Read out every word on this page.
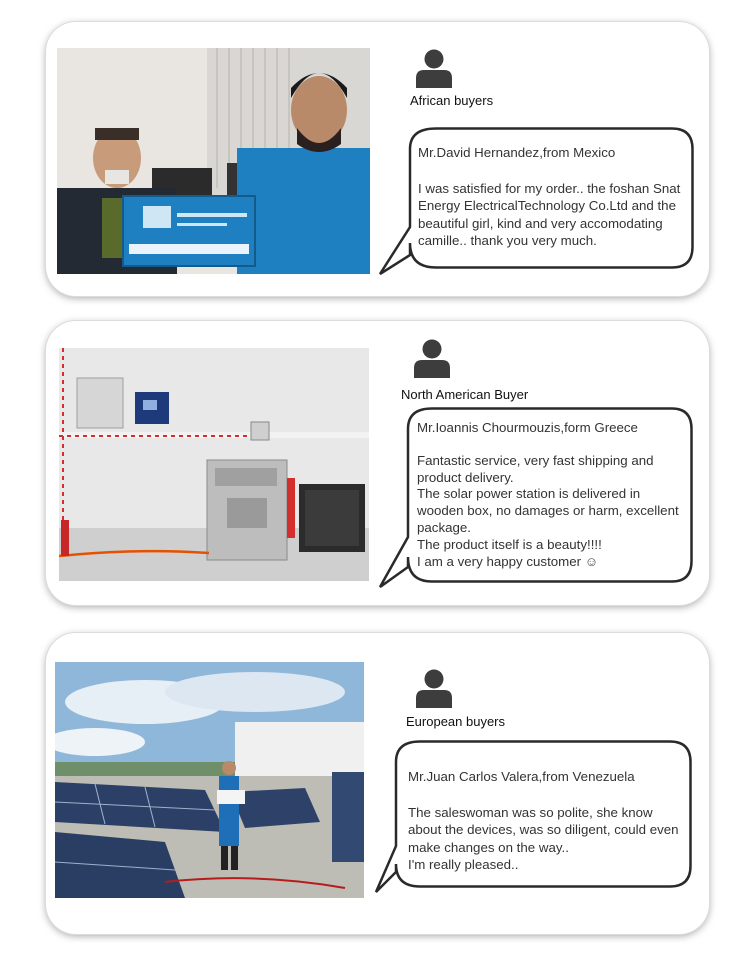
African buyers
Mr.David Hernandez,from Mexico
I was satisfied for my order.. the foshan Snat
Energy ElectricalTechnology Co.Ltd and the
beautiful girl, kind and very accomodating
camille.. thank you very much.
North American Buyer
Mr.Ioannis Chourmouzis,form Greece
Fantastic service, very fast shipping and
product delivery.
The solar power station is delivered in
wooden box, no damages or harm, excellent
package.
The product itself is a beauty!!!!
I am a very happy customer ☺
European buyers
Mr.Juan Carlos Valera,from Venezuela
The saleswoman was so polite, she know
about the devices, was so diligent, could even
make changes on the way..
I'm really pleased..
